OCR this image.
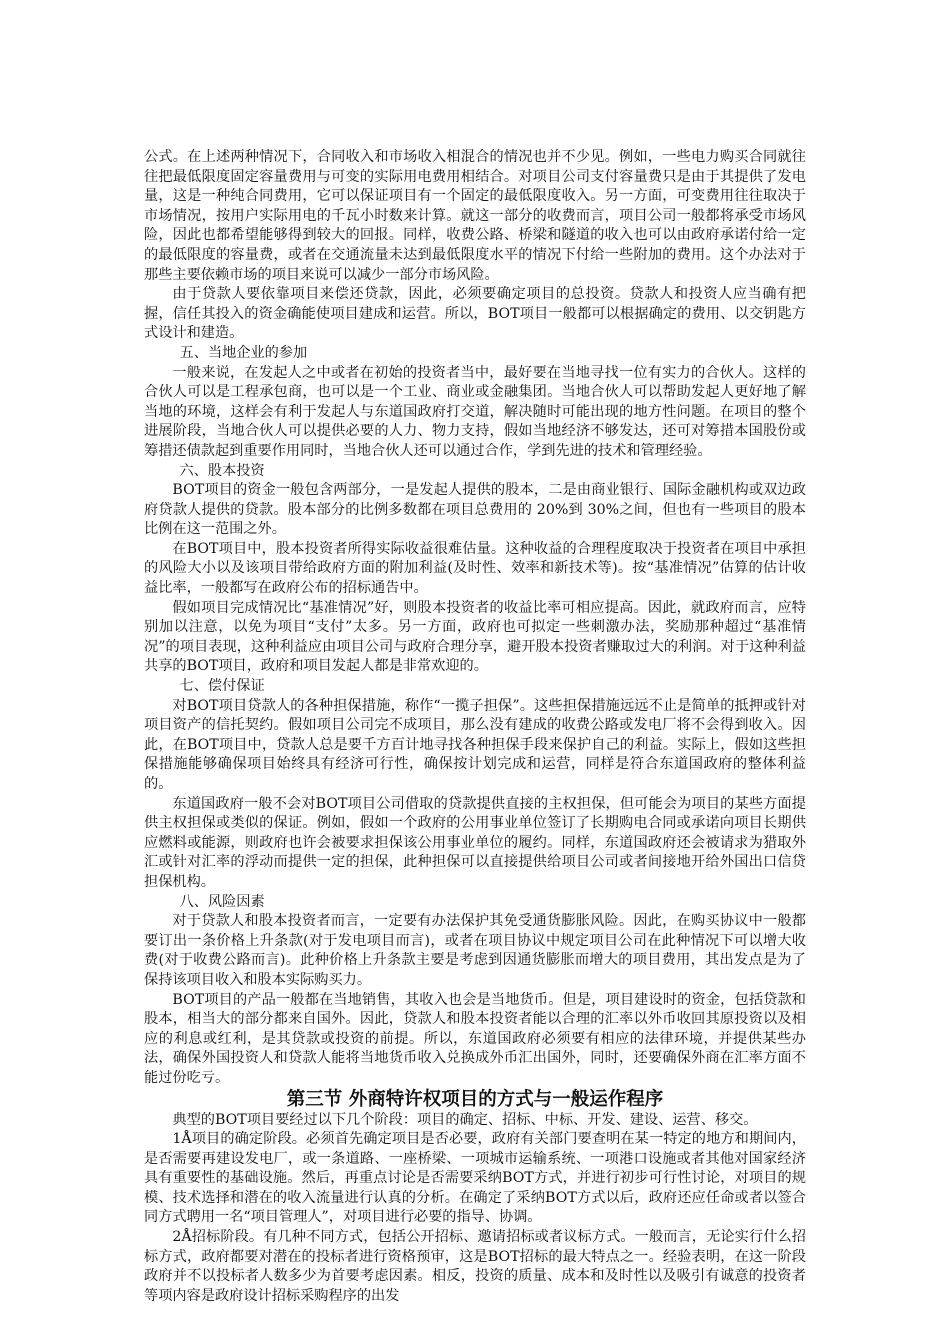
公式。在上述两种情况下，合同收入和市场收入相混合的情况也并不少见。例如，一些电力购买合同就往往把最低限度固定容量费用与可变的实际用电费用相结合。对项目公司支付容量费只是由于其提供了发电量，这是一种纯合同费用，它可以保证项目有一个固定的最低限度收入。另一方面，可变费用往往取决于市场情况，按用户实际用电的千瓦小时数来计算。就这一部分的收费而言，项目公司一般都将承受市场风险，因此也都希望能够得到较大的回报。同样，收费公路、桥梁和隧道的收入也可以由政府承诺付给一定的最低限度的容量费，或者在交通流量未达到最低限度水平的情况下付给一些附加的费用。这个办法对于那些主要依赖市场的项目来说可以减少一部分市场风险。

由于贷款人要依靠项目来偿还贷款，因此，必须要确定项目的总投资。贷款人和投资人应当确有把握，信任其投入的资金确能使项目建成和运营。所以，BOT项目一般都可以根据确定的费用、以交钥匙方式设计和建造。

五、当地企业的参加

一般来说，在发起人之中或者在初始的投资者当中，最好要在当地寻找一位有实力的合伙人。这样的合伙人可以是工程承包商，也可以是一个工业、商业或金融集团。当地合伙人可以帮助发起人更好地了解当地的环境，这样会有利于发起人与东道国政府打交道，解决随时可能出现的地方性问题。在项目的整个进展阶段，当地合伙人可以提供必要的人力、物力支持，假如当地经济不够发达，还可对筹措本国股份或筹措还债款起到重要作用同时，当地合伙人还可以通过合作，学到先进的技术和管理经验。

六、股本投资

BOT项目的资金一般包含两部分，一是发起人提供的股本，二是由商业银行、国际金融机构或双边政府贷款人提供的贷款。股本部分的比例多数都在项目总费用的 20%到 30%之间，但也有一些项目的股本比例在这一范围之外。

在BOT项目中，股本投资者所得实际收益很难估量。这种收益的合理程度取决于投资者在项目中承担的风险大小以及该项目带给政府方面的附加利益(及时性、效率和新技术等)。按“基准情况”估算的估计收益比率，一般都写在政府公布的招标通告中。

假如项目完成情况比“基准情况”好，则股本投资者的收益比率可相应提高。因此，就政府而言，应特别加以注意，以免为项目“支付”太多。另一方面，政府也可拟定一些刺激办法，奖励那种超过“基准情况”的项目表现，这种利益应由项目公司与政府合理分享，避开股本投资者赚取过大的利润。对于这种利益共享的BOT项目，政府和项目发起人都是非常欢迎的。

七、偿付保证

对BOT项目贷款人的各种担保措施，称作“一揽子担保”。这些担保措施远远不止是简单的抵押或针对项目资产的信托契约。假如项目公司完不成项目，那么没有建成的收费公路或发电厂将不会得到收入。因此，在BOT项目中，贷款人总是要千方百计地寻找各种担保手段来保护自己的利益。实际上，假如这些担保措施能够确保项目始终具有经济可行性，确保按计划完成和运营，同样是符合东道国政府的整体利益的。

东道国政府一般不会对BOT项目公司借取的贷款提供直接的主权担保，但可能会为项目的某些方面提供主权担保或类似的保证。例如，假如一个政府的公用事业单位签订了长期购电合同或承诺向项目长期供应燃料或能源，则政府也许会被要求担保该公用事业单位的履约。同样，东道国政府还会被请求为猎取外汇或针对汇率的浮动而提供一定的担保，此种担保可以直接提供给项目公司或者间接地开给外国出口信贷担保机构。

八、风险因素

对于贷款人和股本投资者而言，一定要有办法保护其免受通货膨胀风险。因此，在购买协议中一般都要订出一条价格上升条款(对于发电项目而言)，或者在项目协议中规定项目公司在此种情况下可以增大收费(对于收费公路而言)。此种价格上升条款主要是考虑到因通货膨胀而增大的项目费用，其出发点是为了保持该项目收入和股本实际购买力。

BOT项目的产品一般都在当地销售，其收入也会是当地货币。但是，项目建设时的资金，包括贷款和股本，相当大的部分都来自国外。因此，贷款人和股本投资者能以合理的汇率以外币收回其原投资以及相应的利息或红利，是其贷款或投资的前提。所以，东道国政府必须要有相应的法律环境，并提供某些办法，确保外国投资人和贷款人能将当地货币收入兑换成外币汇出国外，同时，还要确保外商在汇率方面不能过份吃亏。

第三节 外商特许权项目的方式与一般运作程序

典型的BOT项目要经过以下几个阶段：项目的确定、招标、中标、开发、建设、运营、移交。

1Å项目的确定阶段。必须首先确定项目是否必要，政府有关部门要查明在某一特定的地方和期间内，是否需要再建设发电厂，或一条道路、一座桥梁、一项城市运输系统、一项港口设施或者其他对国家经济具有重要性的基础设施。然后，再重点讨论是否需要采纳BOT方式，并进行初步可行性讨论，对项目的规模、技术选择和潜在的收入流量进行认真的分析。在确定了采纳BOT方式以后，政府还应任命或者以签合同方式聘用一名“项目管理人”，对项目进行必要的指导、协调。

2Å招标阶段。有几种不同方式，包括公开招标、邀请招标或者议标方式。一般而言，无论实行什么招标方式，政府都要对潜在的投标者进行资格预审，这是BOT招标的最大特点之一。经验表明，在这一阶段政府并不以投标者人数多少为首要考虑因素。相反，投资的质量、成本和及时性以及吸引有诚意的投资者等项内容是政府设计招标采购程序的出发
